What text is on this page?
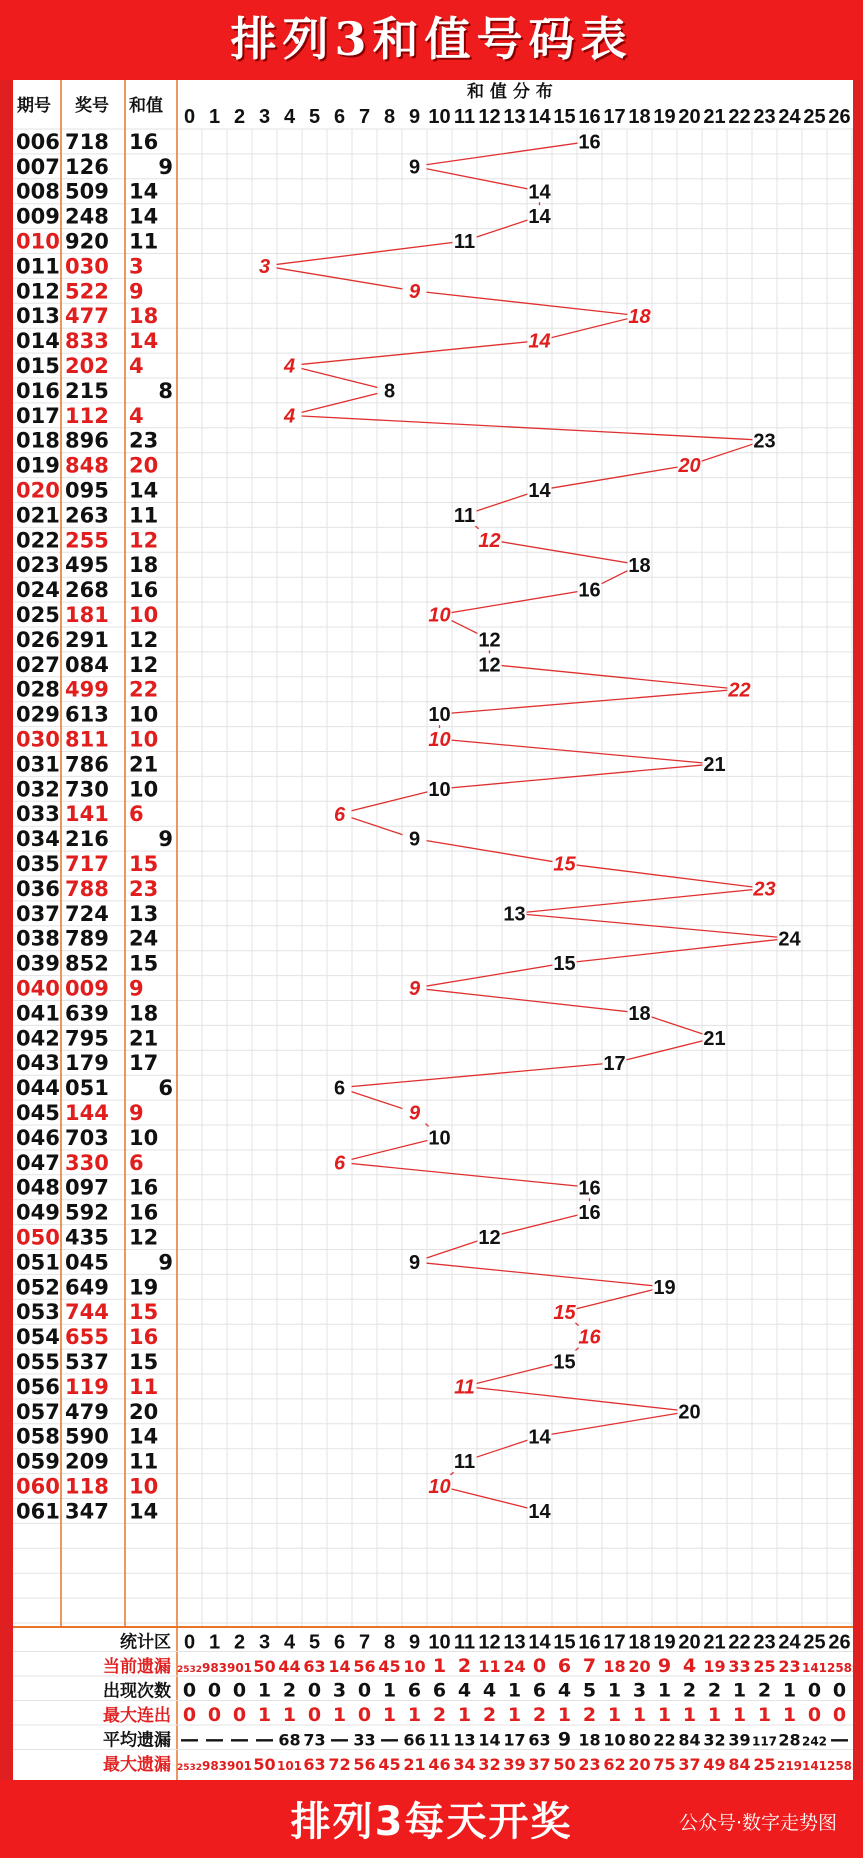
排列3和值号码表
期号 奖号 和值
和 值 分 布
0 1 2 3 4 5 6 7 8 9 10 11 12 13 14 15 16 17 18 19 20 21 22 23 24 25 26
006 718 16
007 126 9
008 509 14
009 248 14
010 920 11
011 030 3
012 522 9
013 477 18
014 833 14
015 202 4
016 215 8
017 112 4
018 896 23
019 848 20
020 095 14
021 263 11
022 255 12
023 495 18
024 268 16
025 181 10
026 291 12
027 084 12
028 499 22
029 613 10
030 811 10
031 786 21
032 730 10
033 141 6
034 216 9
035 717 15
036 788 23
037 724 13
038 789 24
039 852 15
040 009 9
041 639 18
042 795 21
043 179 17
044 051 6
045 144 9
046 703 10
047 330 6
048 097 16
049 592 16
050 435 12
051 045 9
052 649 19
053 744 15
054 655 16
055 537 15
056 119 11
057 479 20
058 590 14
059 209 11
060 118 10
061 347 14
16
9
14
14
11
3
9
18
14
4
8
4
23
20
14
11
12
18
16
10
12
12
22
10
10
21
10
6
9
15
23
13
24
15
9
18
21
17
6
9
10
6
16
16
12
9
19
15
16
15
11
20
14
11
10
14
统计区 0 1 2 3 4 5 6 7 8 9 10 11 12 13 14 15 16 17 18 19 20 21 22 23 24 25 26
当前遗漏 2532 983 901 50 44 63 14 56 45 10 1 2 11 24 0 6 7 18 20 9 4 19 33 25 23 141 258
出现次数 0 0 0 1 2 0 3 0 1 6 6 4 4 1 6 4 5 1 3 1 2 2 1 2 1 0 0
最大连出 0 0 0 1 1 0 1 0 1 1 2 1 2 1 2 1 2 1 1 1 1 1 1 1 1 0 0
平均遗漏 — — — — 68 73 — 33 — 66 11 13 14 17 63 9 18 10 80 22 84 32 39 117 28 242 —
最大遗漏 2532 983 901 50 101 63 72 56 45 21 46 34 32 39 37 50 23 62 20 75 37 49 84 25 219 141 258
排列3每天开奖	公众号·数字走势图
